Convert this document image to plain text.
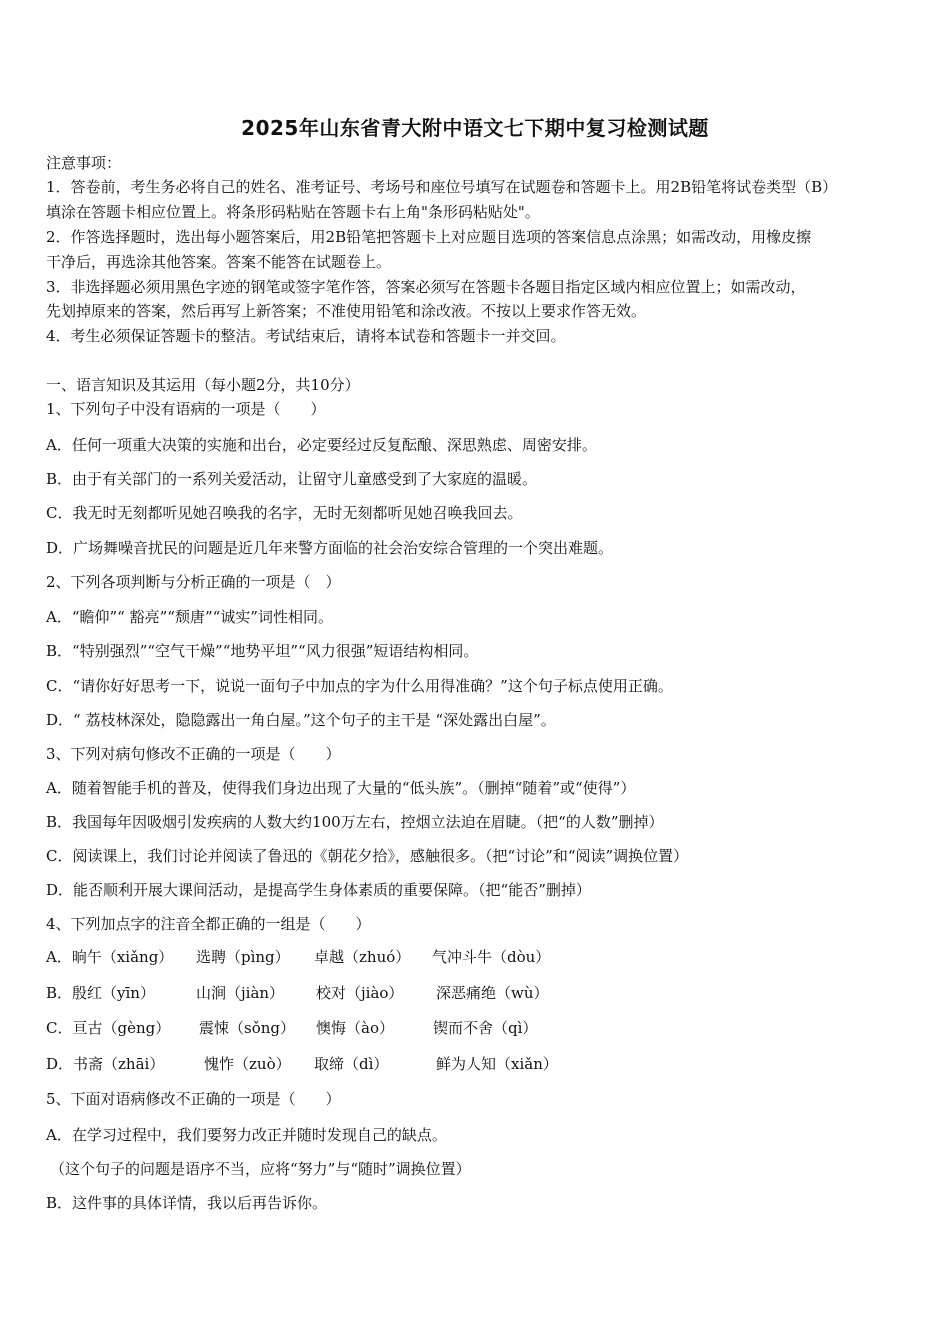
2025年山东省青大附中语文七下期中复习检测试题
注意事项：
1．答卷前，考生务必将自己的姓名、准考证号、考场号和座位号填写在试题卷和答题卡上。用2B铅笔将试卷类型（B）
填涂在答题卡相应位置上。将条形码粘贴在答题卡右上角"条形码粘贴处"。
2．作答选择题时，选出每小题答案后，用2B铅笔把答题卡上对应题目选项的答案信息点涂黑；如需改动，用橡皮擦
干净后，再选涂其他答案。答案不能答在试题卷上。
3．非选择题必须用黑色字迹的钢笔或签字笔作答，答案必须写在答题卡各题目指定区域内相应位置上；如需改动，
先划掉原来的答案，然后再写上新答案；不准使用铅笔和涂改液。不按以上要求作答无效。
4．考生必须保证答题卡的整洁。考试结束后，请将本试卷和答题卡一并交回。
一、语言知识及其运用（每小题2分，共10分）
1、下列句子中没有语病的一项是（　　）
A．任何一项重大决策的实施和出台，必定要经过反复酝酿、深思熟虑、周密安排。
B．由于有关部门的一系列关爱活动，让留守儿童感受到了大家庭的温暖。
C．我无时无刻都听见她召唤我的名字，无时无刻都听见她召唤我回去。
D．广场舞噪音扰民的问题是近几年来警方面临的社会治安综合管理的一个突出难题。
2、下列各项判断与分析正确的一项是（　）
A．“瞻仰”“ 豁亮”“颓唐”“诚实”词性相同。
B．“特别强烈”“空气干燥”“地势平坦”“风力很强”短语结构相同。
C．“请你好好思考一下，说说一面句子中加点的字为什么用得准确？”这个句子标点使用正确。
D．“ 荔枝林深处，隐隐露出一角白屋。”这个句子的主干是 “深处露出白屋”。
3、下列对病句修改不正确的一项是（　　）
A．随着智能手机的普及，使得我们身边出现了大量的“低头族”。（删掉“随着”或“使得”）
B．我国每年因吸烟引发疾病的人数大约100万左右，控烟立法迫在眉睫。（把“的人数”删掉）
C．阅读课上，我们讨论并阅读了鲁迅的《朝花夕拾》，感触很多。（把“讨论”和“阅读”调换位置）
D．能否顺利开展大课间活动，是提高学生身体素质的重要保障。（把“能否”删掉）
4、下列加点字的注音全都正确的一组是（　　）
A．晌午（xiǎng） 选聘（pìng） 卓越（zhuó） 气冲斗牛（dòu）
B．殷红（yīn）	山涧（jiàn） 校对（jiào） 深恶痛绝（wù）
C．亘古（gèng） 震悚（sǒng） 懊悔（ào）	锲而不舍（qì）
D．书斋（zhāi）	愧怍（zuò） 取缔（dì）	鲜为人知（xiǎn）
5、下面对语病修改不正确的一项是（　　）
A．在学习过程中，我们要努力改正并随时发现自己的缺点。
（这个句子的问题是语序不当，应将“努力”与“随时”调换位置）
B．这件事的具体详情，我以后再告诉你。
